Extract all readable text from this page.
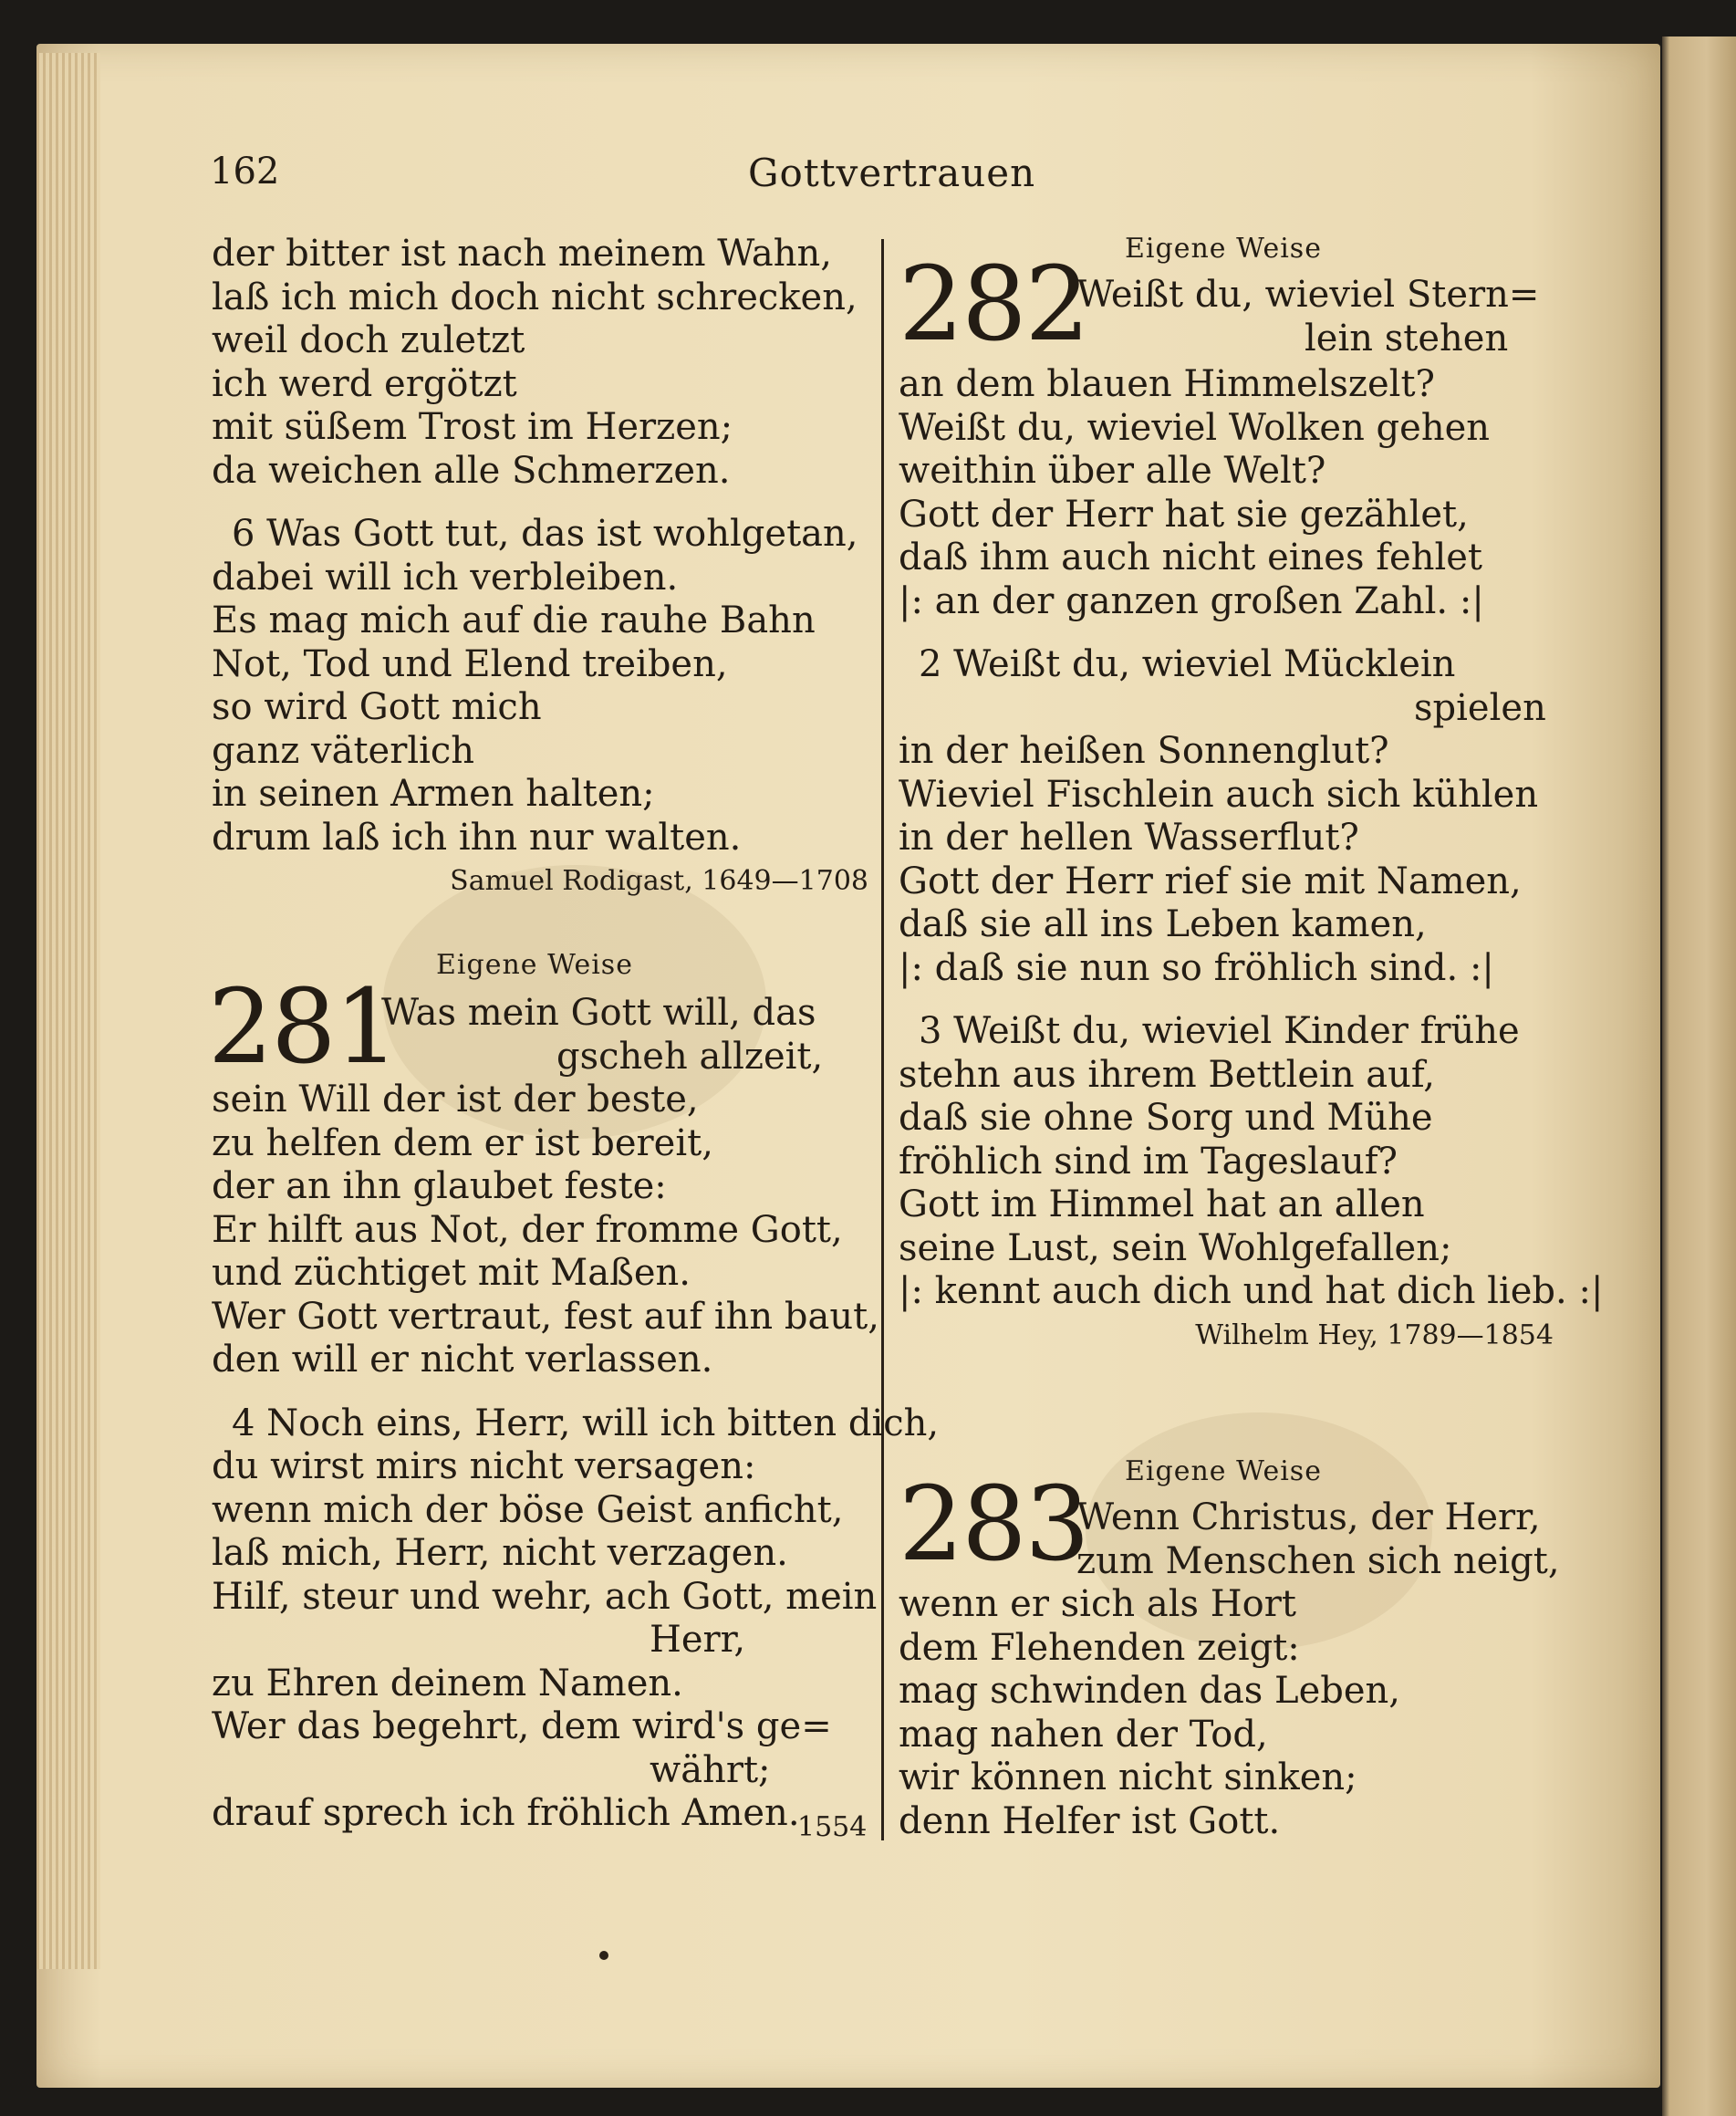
162	Gottvertrauen
der bitter ist nach meinem Wahn,
laß ich mich doch nicht schrecken,
weil doch zuletzt
ich werd ergötzt
mit süßem Trost im Herzen;
da weichen alle Schmerzen.
6 Was Gott tut, das ist wohlgetan,
dabei will ich verbleiben.
Es mag mich auf die rauhe Bahn
Not, Tod und Elend treiben,
so wird Gott mich
ganz väterlich
in seinen Armen halten;
drum laß ich ihn nur walten.
Samuel Rodigast, 1649—1708
Eigene Weise
281
Was mein Gott will, das
gscheh allzeit,
sein Will der ist der beste,
zu helfen dem er ist bereit,
der an ihn glaubet feste:
Er hilft aus Not, der fromme Gott,
und züchtiget mit Maßen.
Wer Gott vertraut, fest auf ihn baut,
den will er nicht verlassen.
4 Noch eins, Herr, will ich bitten dich,
du wirst mirs nicht versagen:
wenn mich der böse Geist anficht,
laß mich, Herr, nicht verzagen.
Hilf, steur und wehr, ach Gott, mein
Herr,
zu Ehren deinem Namen.
Wer das begehrt, dem wird's ge=
währt;
drauf sprech ich fröhlich Amen.
1554
Eigene Weise
282
Weißt du, wieviel Stern=
lein stehen
an dem blauen Himmelszelt?
Weißt du, wieviel Wolken gehen
weithin über alle Welt?
Gott der Herr hat sie gezählet,
daß ihm auch nicht eines fehlet
|: an der ganzen großen Zahl. :|
2 Weißt du, wieviel Mücklein
spielen
in der heißen Sonnenglut?
Wieviel Fischlein auch sich kühlen
in der hellen Wasserflut?
Gott der Herr rief sie mit Namen,
daß sie all ins Leben kamen,
|: daß sie nun so fröhlich sind. :|
3 Weißt du, wieviel Kinder frühe
stehn aus ihrem Bettlein auf,
daß sie ohne Sorg und Mühe
fröhlich sind im Tageslauf?
Gott im Himmel hat an allen
seine Lust, sein Wohlgefallen;
|: kennt auch dich und hat dich lieb. :|
Wilhelm Hey, 1789—1854
Eigene Weise
283
Wenn Christus, der Herr,
zum Menschen sich neigt,
wenn er sich als Hort
dem Flehenden zeigt:
mag schwinden das Leben,
mag nahen der Tod,
wir können nicht sinken;
denn Helfer ist Gott.
